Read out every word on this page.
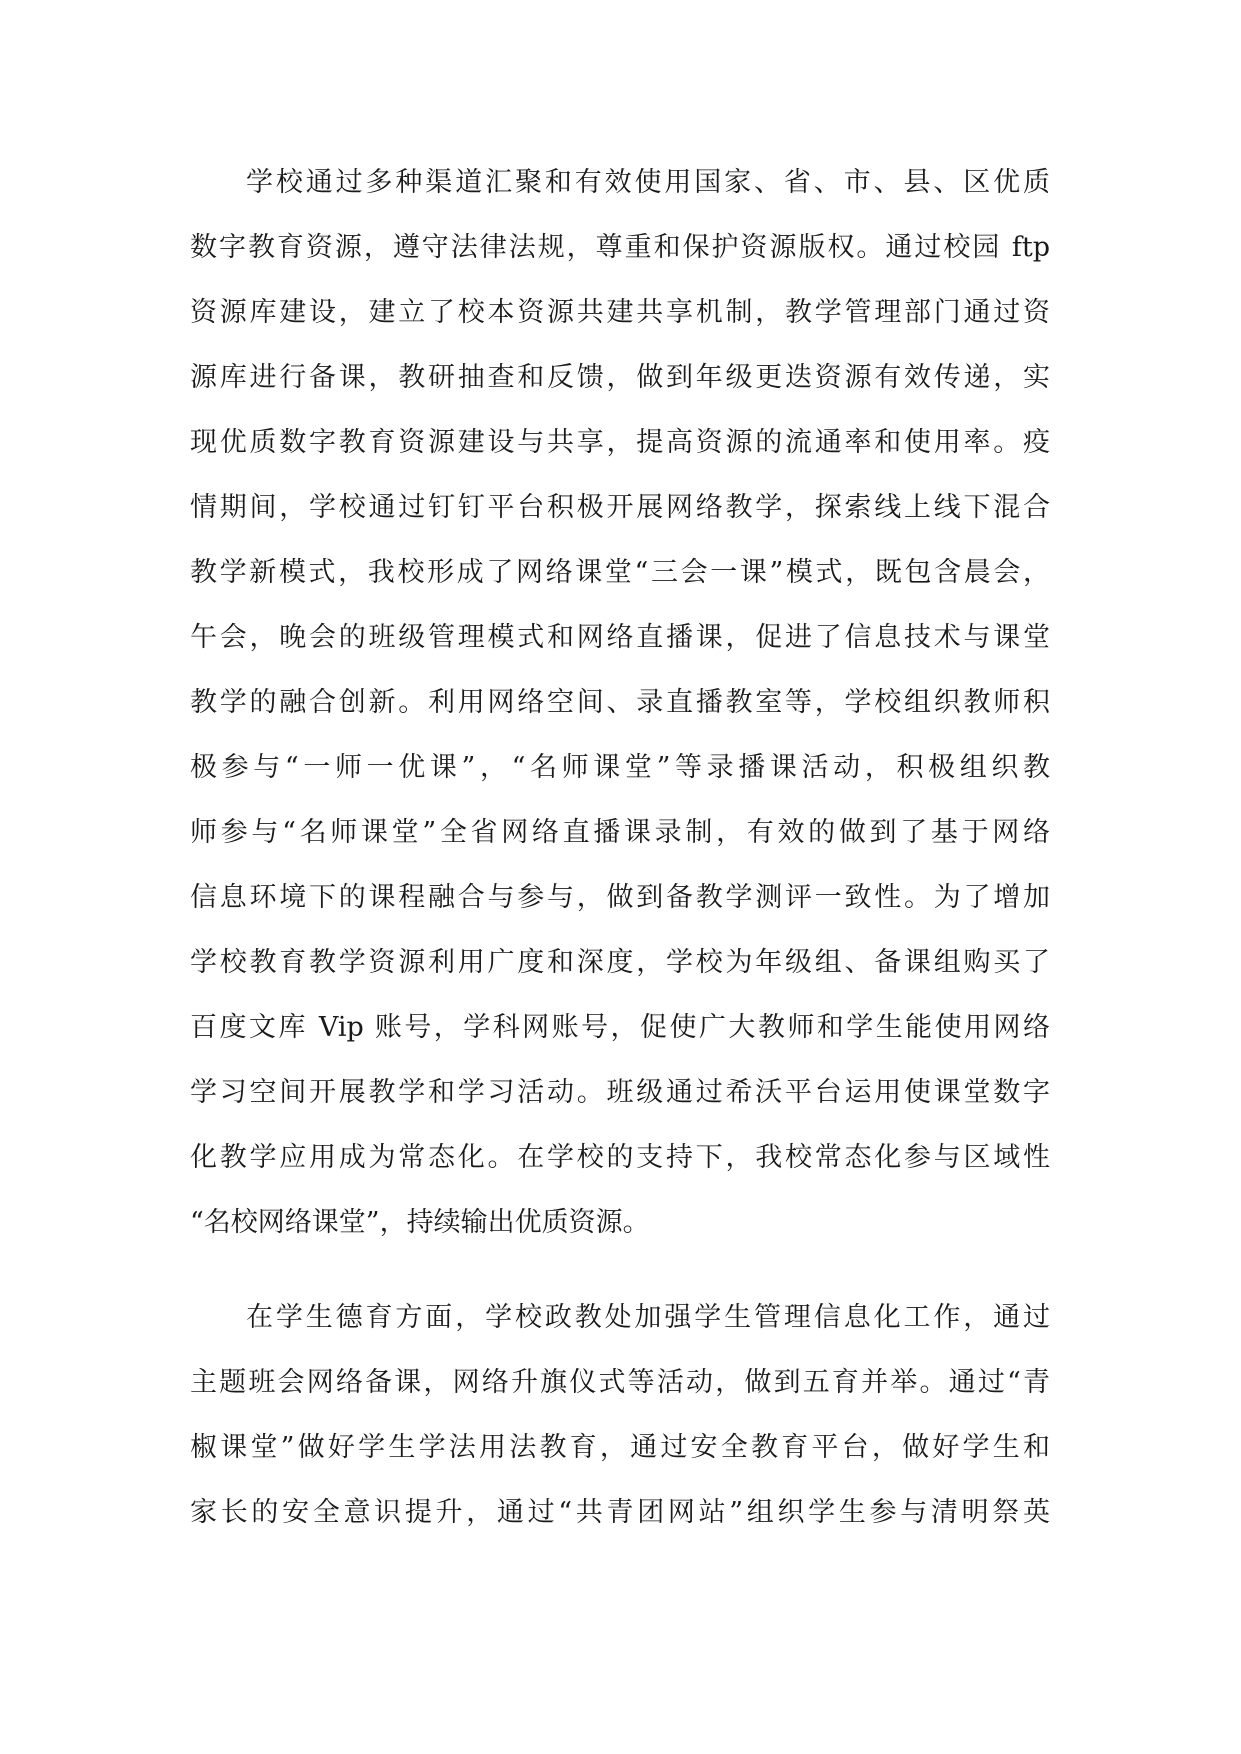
学校通过多种渠道汇聚和有效使用国家、省、市、县、区优质
数字教育资源，遵守法律法规，尊重和保护资源版权。通过校园 ftp
资源库建设，建立了校本资源共建共享机制，教学管理部门通过资
源库进行备课，教研抽查和反馈，做到年级更迭资源有效传递，实
现优质数字教育资源建设与共享，提高资源的流通率和使用率。疫
情期间，学校通过钉钉平台积极开展网络教学，探索线上线下混合
教学新模式，我校形成了网络课堂“三会一课”模式，既包含晨会，
午会，晚会的班级管理模式和网络直播课，促进了信息技术与课堂
教学的融合创新。利用网络空间、录直播教室等，学校组织教师积
极参与“一师一优课”，“名师课堂”等录播课活动，积极组织教
师参与“名师课堂”全省网络直播课录制，有效的做到了基于网络
信息环境下的课程融合与参与，做到备教学测评一致性。为了增加
学校教育教学资源利用广度和深度，学校为年级组、备课组购买了
百度文库 Vip 账号，学科网账号，促使广大教师和学生能使用网络
学习空间开展教学和学习活动。班级通过希沃平台运用使课堂数字
化教学应用成为常态化。在学校的支持下，我校常态化参与区域性
“名校网络课堂”，持续输出优质资源。
在学生德育方面，学校政教处加强学生管理信息化工作，通过
主题班会网络备课，网络升旗仪式等活动，做到五育并举。通过“青
椒课堂”做好学生学法用法教育，通过安全教育平台，做好学生和
家长的安全意识提升，通过“共青团网站”组织学生参与清明祭英
